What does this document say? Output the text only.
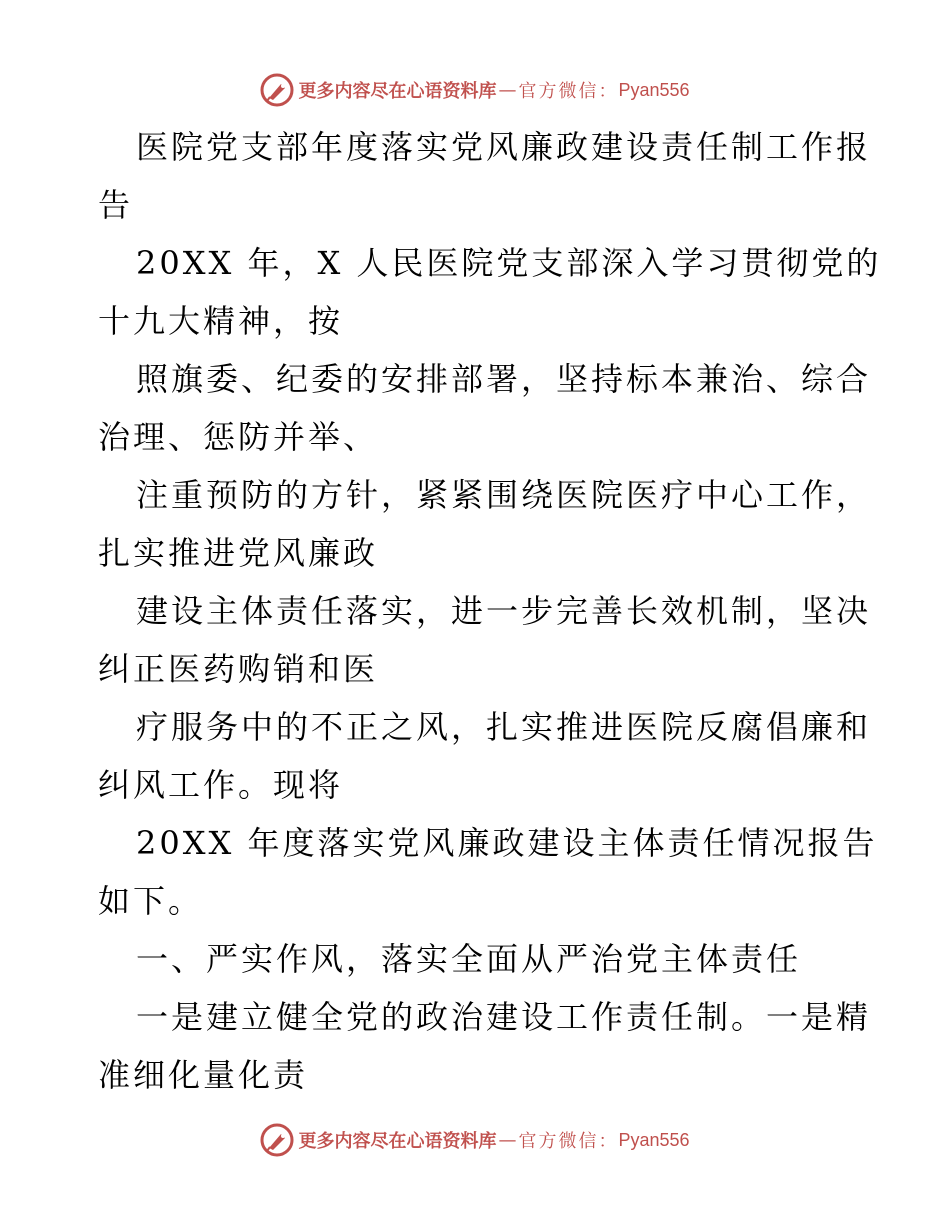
更多内容尽在心语资料库 — 官方微信： Pyan556
医院党支部年度落实党风廉政建设责任制工作报
告
20XX 年，X 人民医院党支部深入学习贯彻党的
十九大精神，按
照旗委、纪委的安排部署，坚持标本兼治、综合
治理、惩防并举、
注重预防的方针，紧紧围绕医院医疗中心工作，
扎实推进党风廉政
建设主体责任落实，进一步完善长效机制，坚决
纠正医药购销和医
疗服务中的不正之风，扎实推进医院反腐倡廉和
纠风工作。现将
20XX 年度落实党风廉政建设主体责任情况报告
如下。
一、严实作风，落实全面从严治党主体责任
一是建立健全党的政治建设工作责任制。一是精
准细化量化责
更多内容尽在心语资料库 — 官方微信： Pyan556
